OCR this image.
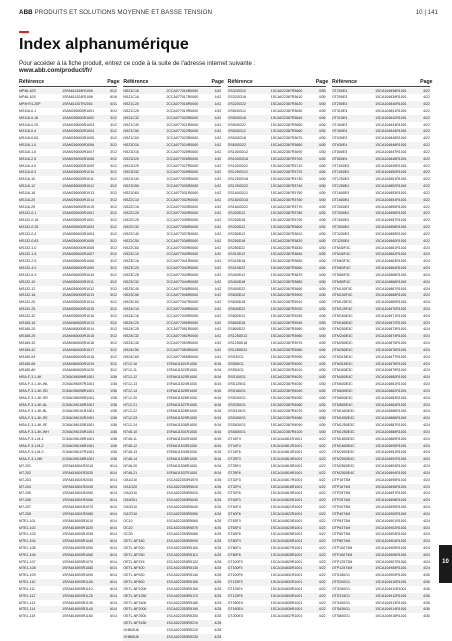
ABB PRODUITS ET SOLUTIONS MOYENNE ET BASSE TENSION	10 | 141
Index alphanumérique
Pour accéder à la fiche produit, entrez ce code à la suite de l'adresse internet suivante :
www.abb.com/product/fr/
Référence	Page
MP46-10S	1SFA611518R1006	6/12
MP46-10S	1SFA611524R1006	6/16
MP4HT4-20P	1SFA611527R2001	6/11
MS116-0.1	1SAM250000R1001	3/12
MS116-0.16	1SAM250000R1002	3/12
MS116-0.25	1SAM250000R1003	3/12
MS116-0.4	1SAM250000R1004	3/12
MS116-0.63	1SAM250000R1005	3/12
MS116-1.0	1SAM250000R1006	3/12
MS116-1.6	1SAM250000R1007	3/12
MS116-2.5	1SAM250000R1008	3/12
MS116-4.0	1SAM250000R1009	3/12
MS116-6.3	1SAM250000R1010	3/12
MS116-10	1SAM250000R1011	3/12
MS116-12	1SAM250000R1012	3/12
MS116-16	1SAM250000R1013	3/12
MS116-20	1SAM250000R1014	3/12
MS116-25	1SAM250000R1015	3/12
MS132-0.1	1SAM350000R1001	3/12
MS132-0.16	1SAM350000R1002	3/12
MS132-0.25	1SAM350000R1003	3/12
MS132-0.4	1SAM350000R1004	3/12
MS132-0.63	1SAM350000R1005	3/12
MS132-1.0	1SAM350000R1006	3/12
MS132-1.6	1SAM350000R1007	3/12
MS132-2.5	1SAM350000R1008	3/12
MS132-4.0	1SAM350000R1009	3/12
MS132-6.3	1SAM350000R1010	3/12
MS132-10	1SAM350000R1011	3/12
MS132-12	1SAM350000R1012	3/12
MS132-16	1SAM350000R1013	3/12
MS132-20	1SAM350000R1014	3/12
MS132-25	1SAM350000R1015	3/12
MS132-32	1SAM350000R1016	3/12
MS165-16	1SAM460000R1013	3/12
MS165-20	1SAM460000R1014	3/12
MS165-25	1SAM460000R1015	3/12
MS165-32	1SAM460000R1016	3/12
MS165-42	1SAM460000R1017	3/12
MS165-54	1SAM460000R1018	3/12
MS165-65	1SAM460000R1019	3/12
MS165-80	1SAM460000R1020	3/12
MSA-F-3.1-4K	2CMA196096R1001	1/36
MSA-F-3.1-4K-WL	2CMA196097R1001	1/36
MSA-F-3.1-4K-SD	2CMA196098R1001	1/36
MSA-F-3.1-4K-SR	2CMA196099R1001	1/36
MSA-F-3.1-4K-AL	2CMA196100R1001	1/36
MSA-F-3.1-4K-BL	2CMA196101R1001	1/36
MSA-F-3.1-4K-SE	2CMA196102R1001	1/36
MSA-F-3.1-4K-SF	2CMA196103R1001	1/36
MSA-F-3.1-4K-WH	2CMA196104R1001	1/36
MSA-F-3.1-M-1	2CMA196105R1001	1/36
MSA-F-3.1-M-2	2CMA196106R1001	1/36
MSA-F-3.1-M-3	2CMA196107R1001	1/36
MSA-F-3.1-MK	2CMA196108R1001	1/36
MT-201	1SFA616001R2010	6/14
MT-202	1SFA616001R2020	6/14
MT-203	1SFA616001R2030	6/14
MT-204	1SFA616001R2040	6/14
MT-205	1SFA616001R2050	6/14
MT-206	1SFA616001R2060	6/14
MT-207	1SFA616001R2070	6/14
MT-208	1SFA616001R2080	6/14
MTE1-101	1SFA616093R1010	6/14
MTE1-102	1SFA616093R1020	6/14
MTE1-103	1SFA616093R1030	6/14
MTE1-104	1SFA616093R1040	6/14
MTE1-105	1SFA616093R1050	6/14
MTE1-106	1SFA616093R1060	6/14
MTE1-107	1SFA616093R1070	6/14
MTE1-108	1SFA616093R1080	6/14
MTE1-109	1SFA616093R1090	6/14
MTE1-110	1SFA616093R1100	6/14
MTE1-111	1SFA616093R1110	6/14
MTE1-112	1SFA616093R1120	6/14
MTE1-113	1SFA616093R1130	6/14
MTE1-114	1SFA616093R1140	6/14
MTE1-115	1SFA616093R1150	6/14
Référence	Page
NSZ1C10	2CCA077016R0000	1/42
NSZ1C16	2CCA077017R0000	1/42
NSZ1C20	2CCA077018R0000	1/42
NSZ1C25	2CCA077019R0000	1/42
NSZ1C32	2CCA077020R0000	1/42
NSZ1C40	2CCA077021R0000	1/42
NSZ1C50	2CCA077022R0000	1/42
NSZ1C63	2CCA077023R0000	1/42
NSZ1D10	2CCA077024R0000	1/42
NSZ1D16	2CCA077025R0000	1/42
NSZ1D20	2CCA077026R0000	1/42
NSZ1D25	2CCA077027R0000	1/42
NSZ1D32	2CCA077028R0000	1/42
NSZ1D40	2CCA077029R0000	1/42
NSZ1D50	2CCA077030R0000	1/42
NSZ1D63	2CCA077031R0000	1/42
NSZ2C10	2CCA077032R0000	1/42
NSZ2C16	2CCA077033R0000	1/42
NSZ2C20	2CCA077034R0000	1/42
NSZ2C25	2CCA077035R0000	1/42
NSZ2C32	2CCA077036R0000	1/42
NSZ2C40	2CCA077037R0000	1/42
NSZ2C50	2CCA077038R0000	1/42
NSZ2C63	2CCA077039R0000	1/42
NSZ3C10	2CCA077040R0000	1/42
NSZ3C16	2CCA077041R0000	1/42
NSZ3C20	2CCA077042R0000	1/42
NSZ3C25	2CCA077043R0000	1/42
NSZ3C32	2CCA077044R0000	1/42
NSZ3C40	2CCA077045R0000	1/42
NSZ3C50	2CCA077046R0000	1/42
NSZ3C63	2CCA077047R0000	1/42
NSZ4C10	2CCA077048R0000	1/42
NSZ4C16	2CCA077049R0000	1/42
NSZ4C20	2CCA077050R0000	1/42
NSZ4C25	2CCA077051R0000	1/42
NSZ4C32	2CCA077052R0000	1/42
NSZ4C40	2CCA077053R0000	1/42
NSZ4C50	2CCA077054R0000	1/42
NSZ4C63	2CCA077055R0000	1/42
NT12-10	1SFA611521R1000	6/16
NT12-11	1SFA611522R1000	6/16
NT12-12	1SFA611523R1000	6/16
NT12-13	1SFA611524R1000	6/16
NT12-14	1SFA611525R1000	6/16
NT12-20	1SFA611526R1000	6/16
NT12-21	1SFA611527R1000	6/16
NT12-22	1SFA611528R1000	6/16
NT12-23	1SFA611529R1000	6/16
NT12-24	1SFA611530R1000	6/16
NT48-10	1SFA611531R1000	6/16
NT48-11	1SFA611532R1000	6/16
NT48-12	1SFA611533R1000	6/16
NT48-13	1SFA611534R1000	6/16
NT48-14	1SFA611535R1000	6/16
NT48-20	1SFA611536R1000	6/16
NT48-21	1SFA611537R1000	6/16
OA1G10	1SCA022353R4970	4/26
OA1G20	1SCA022353R5010	4/26
OA2G10	1SCA022353R5020	4/26
OA3G01	1SCA022353R5030	4/26
OA3G10	1SCA022353R5040	4/26
OA7G10	1SCA022353R5050	4/26
OC10	1SCA022353R5060	4/26
OC20	1SCA022353R5070	4/26
OC30	1SCA022353R5080	4/26
OETL-NF160	1SCA022353R5090	4/28
OETL-NF200	1SCA022353R5100	4/28
OETL-NF250	1SCA022353R5110	4/28
OETL-NF315	1SCA022353R5120	4/28
OETL-NF400	1SCA022353R5130	4/28
OETL-NF630	1SCA022353R5140	4/28
OETL-NF800	1SCA022353R5150	4/28
OETL-NF1000	1SCA022353R5160	4/28
OETL-NF1250	1SCA022353R5170	4/28
OETL-NF1600	1SCA022353R5180	4/28
OETL-NF2000	1SCA022353R5190	4/28
OETL-NF2500	1SCA022353R5200	4/28
OETL-NF3150	1SCA022353R5210	4/28
OHB45J6	1SCA022353R5220	4/28
OHB65J6	1SCA022353R5230	4/28
Référence	Page
OS32GD12	1SCA022387R3600	4/30
OS32GD18	1SCA022387R3610	4/30
OS32GD22	1SCA022387R3620	4/30
OS50GD12	1SCA022387R3630	4/30
OS50GD18	1SCA022387R3640	4/30
OS50GD22	1SCA022387R3650	4/30
OS63GD12	1SCA022387R3660	4/30
OS63GD18	1SCA022387R3670	4/30
OS63GD22	1SCA022387R3680	4/30
OS100GD12	1SCA022387R3690	4/30
OS100GD18	1SCA022387R3700	4/30
OS100GD22	1SCA022387R3710	4/30
OS125GD12	1SCA022387R3720	4/30
OS125GD18	1SCA022387R3730	4/30
OS125GD22	1SCA022387R3740	4/30
OS160GD12	1SCA022387R3750	4/30
OS160GD18	1SCA022387R3760	4/30
OS160GD22	1SCA022387R3770	4/30
OS200D12	1SCA022387R3780	4/30
OS200D18	1SCA022387R3790	4/30
OS200D22	1SCA022387R3800	4/30
OS250D12	1SCA022387R3810	4/30
OS250D18	1SCA022387R3820	4/30
OS250D22	1SCA022387R3830	4/30
OS315D12	1SCA022387R3840	4/30
OS315D18	1SCA022387R3850	4/30
OS315D22	1SCA022387R3860	4/30
OS400D12	1SCA022387R3870	4/30
OS400D18	1SCA022387R3880	4/30
OS400D22	1SCA022387R3890	4/30
OS630D12	1SCA022387R3900	4/30
OS630D18	1SCA022387R3910	4/30
OS630D22	1SCA022387R3920	4/30
OS800D12	1SCA022387R3930	4/30
OS800D18	1SCA022387R3940	4/30
OS800D22	1SCA022387R3950	4/30
OS1250D12	1SCA022387R3960	4/30
OS1250D18	1SCA022387R3970	4/30
OS1250D22	1SCA022387R3980	4/30
OSS32G1	1SCA022387R3990	4/30
OSS50G1	1SCA022387R4000	4/30
OSS63G1	1SCA022387R4010	4/30
OSS100G1	1SCA022387R4020	4/30
OSS125G1	1SCA022387R4030	4/30
OSS160G1	1SCA022387R4040	4/30
OSS200G1	1SCA022387R4050	4/30
OSS250G1	1SCA022387R4060	4/30
OSS315G1	1SCA022387R4070	4/30
OSS400G1	1SCA022387R4080	4/30
OSS630G1	1SCA022387R4090	4/30
OSS800G1	1SCA022387R4100	4/30
OT16F3	1SCA104811R1001	4/22
OT16F4	1SCA104812R1001	4/22
OT16F6	1SCA104813R1001	4/22
OT25F3	1SCA104814R1001	4/22
OT25F4	1SCA104815R1001	4/22
OT25F6	1SCA104816R1001	4/22
OT32F3	1SCA104817R1001	4/22
OT32F4	1SCA104818R1001	4/22
OT32F6	1SCA104819R1001	4/22
OT40F3	1SCA104820R1001	4/22
OT40F4	1SCA104821R1001	4/22
OT40F6	1SCA104822R1001	4/22
OT63F3	1SCA104823R1001	4/22
OT63F4	1SCA104824R1001	4/22
OT63F6	1SCA104825R1001	4/22
OT80F3	1SCA104826R1001	4/22
OT80F4	1SCA104827R1001	4/22
OT80F6	1SCA104828R1001	4/22
OT100F3	1SCA104829R1001	4/22
OT100F4	1SCA104830R1001	4/22
OT100F6	1SCA104831R1001	4/22
OT125F3	1SCA104832R1001	4/22
OT125F4	1SCA104833R1001	4/22
OT125F6	1SCA104834R1001	4/22
OT160E3	1SCA104835R1001	4/22
OT160E4	1SCA104836R1001	4/22
OT200E3	1SCA104837R1001	4/22
Référence	Page
OT200E4	1SCA104838R1001	4/22
OT250E3	1SCA104839R1001	4/22
OT250E4	1SCA104840R1001	4/22
OT315E3	1SCA104841R1001	4/22
OT315E4	1SCA104842R1001	4/22
OT400E3	1SCA104843R1001	4/22
OT400E4	1SCA104844R1001	4/22
OT630E3	1SCA104845R1001	4/22
OT630E4	1SCA104846R1001	4/22
OT800E3	1SCA104847R1001	4/22
OT800E4	1SCA104848R1001	4/22
OT1000E3	1SCA104849R1001	4/22
OT1000E4	1SCA104850R1001	4/22
OT1250E3	1SCA104851R1001	4/22
OT1250E4	1SCA104852R1001	4/22
OT1600E3	1SCA104853R1001	4/22
OT1600E4	1SCA104854R1001	4/22
OT2000E3	1SCA104855R1001	4/22
OT2000E4	1SCA104856R1001	4/22
OT2500E3	1SCA104857R1001	4/22
OT2500E4	1SCA104858R1001	4/22
OT3200E3	1SCA104859R1001	4/22
OT3200E4	1SCA104860R1001	4/22
OTM40F3C	1SCA104861R1001	4/24
OTM40F4C	1SCA104862R1001	4/24
OTM63F3C	1SCA104863R1001	4/24
OTM63F4C	1SCA104864R1001	4/24
OTM80F3C	1SCA104865R1001	4/24
OTM80F4C	1SCA104866R1001	4/24
OTM100F3C	1SCA104867R1001	4/24
OTM100F4C	1SCA104868R1001	4/24
OTM125F3C	1SCA104869R1001	4/24
OTM125F4C	1SCA104870R1001	4/24
OTM160E3C	1SCA104871R1001	4/24
OTM160E4C	1SCA104872R1001	4/24
OTM200E3C	1SCA104873R1001	4/24
OTM200E4C	1SCA104874R1001	4/24
OTM250E3C	1SCA104875R1001	4/24
OTM250E4C	1SCA104876R1001	4/24
OTM315E3C	1SCA104877R1001	4/24
OTM315E4C	1SCA104878R1001	4/24
OTM400E3C	1SCA104879R1001	4/24
OTM400E4C	1SCA104880R1001	4/24
OTM630E3C	1SCA104881R1001	4/24
OTM630E4C	1SCA104882R1001	4/24
OTM800E3C	1SCA104883R1001	4/24
OTM800E4C	1SCA104884R1001	4/24
OTM1000E3C	1SCA104885R1001	4/24
OTM1000E4C	1SCA104886R1001	4/24
OTM1250E3C	1SCA104887R1001	4/24
OTM1250E4C	1SCA104888R1001	4/24
OTM1600E3C	1SCA104889R1001	4/24
OTM1600E4C	1SCA104890R1001	4/24
OTM2000E3C	1SCA104891R1001	4/24
OTM2000E4C	1SCA104892R1001	4/24
OTM2500E3C	1SCA104893R1001	4/24
OTM2500E4C	1SCA104894R1001	4/24
OTP16T3M	1SCA104895R1001	4/24
OTP16T4M	1SCA104896R1001	4/24
OTP25T3M	1SCA104897R1001	4/24
OTP25T4M	1SCA104898R1001	4/24
OTP40T3M	1SCA104899R1001	4/24
OTP40T4M	1SCA104900R1001	4/24
OTP63T3M	1SCA104901R1001	4/24
OTP63T4M	1SCA104902R1001	4/24
OTP80T3M	1SCA104903R1001	4/24
OTP80T4M	1SCA104904R1001	4/24
OTP100T3M	1SCA104905R1001	4/24
OTP100T4M	1SCA104906R1001	4/24
OTP125T3M	1SCA104907R1001	4/24
OTP125T4M	1SCA104908R1001	4/24
OTS160G1	1SCA104909R1001	4/30
OTS200G1	1SCA104910R1001	4/30
OTS250G1	1SCA104911R1001	4/30
OTS315G1	1SCA104912R1001	4/30
OTS400G1	1SCA104913R1001	4/30
OTS630G1	1SCA104914R1001	4/30
OTS800G1	1SCA104915R1001	4/30
10
